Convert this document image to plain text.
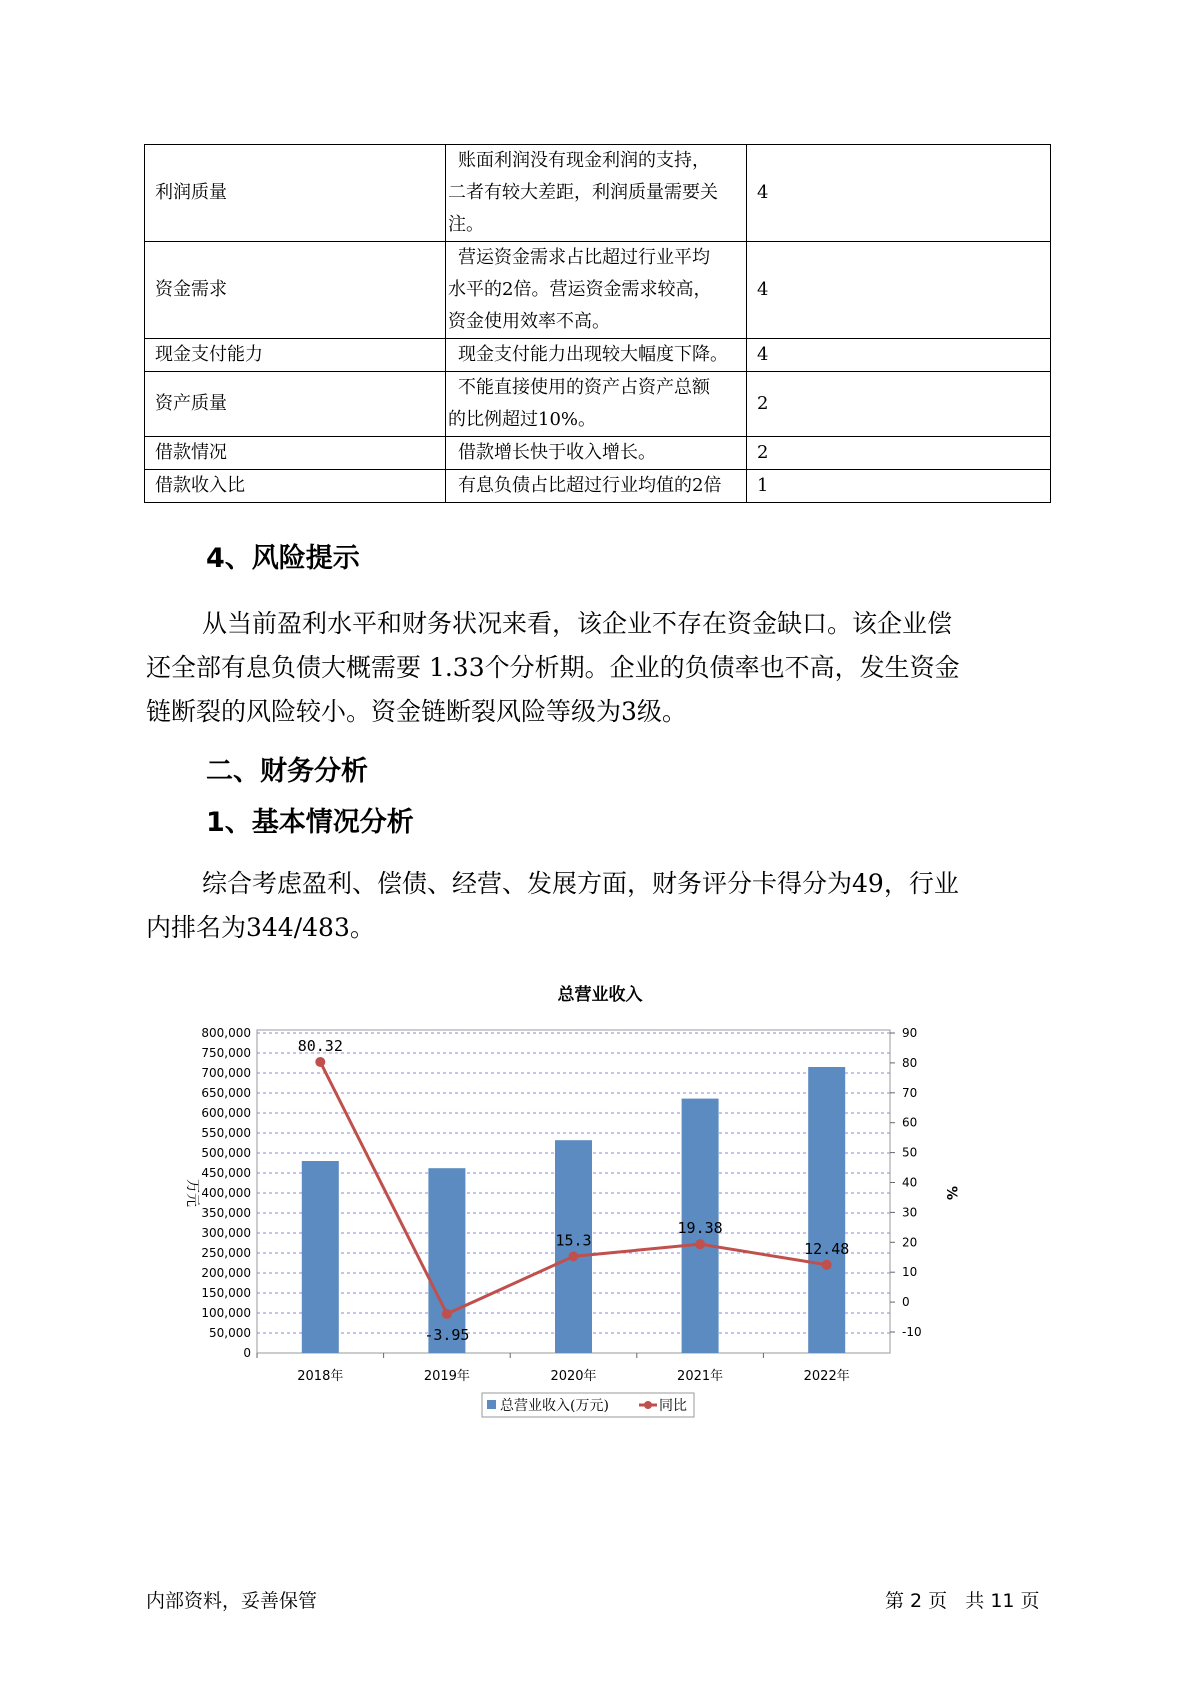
利润质量	账面利润没有现金利润的支持，
二者有较大差距，利润质量需要关
注。	4
资金需求	营运资金需求占比超过行业平均
水平的2倍。营运资金需求较高，
资金使用效率不高。	4
现金支付能力	现金支付能力出现较大幅度下降。	4
资产质量	不能直接使用的资产占资产总额
的比例超过10%。	2
借款情况	借款增长快于收入增长。	2
借款收入比	有息负债占比超过行业均值的2倍	1
4、风险提示
从当前盈利水平和财务状况来看，该企业不存在资金缺口。该企业偿
还全部有息负债大概需要 1.33个分析期。企业的负债率也不高，发生资金
链断裂的风险较小。资金链断裂风险等级为3级。
二、财务分析
1、基本情况分析
综合考虑盈利、偿债、经营、发展方面，财务评分卡得分为49，行业
内排名为344/483。
总营业收入
0
50,000
100,000
150,000
200,000
250,000
300,000
350,000
400,000
450,000
500,000
550,000
600,000
650,000
700,000
750,000
800,000
-10
0
10
20
30
40
50
60
70
80
90
万元	%
2018年	2019年	2020年	2021年	2022年
80.32
-3.95
15.3
19.38
12.48
总营业收入(万元)	同比
内部资料，妥善保管	第 2 页   共 11 页
